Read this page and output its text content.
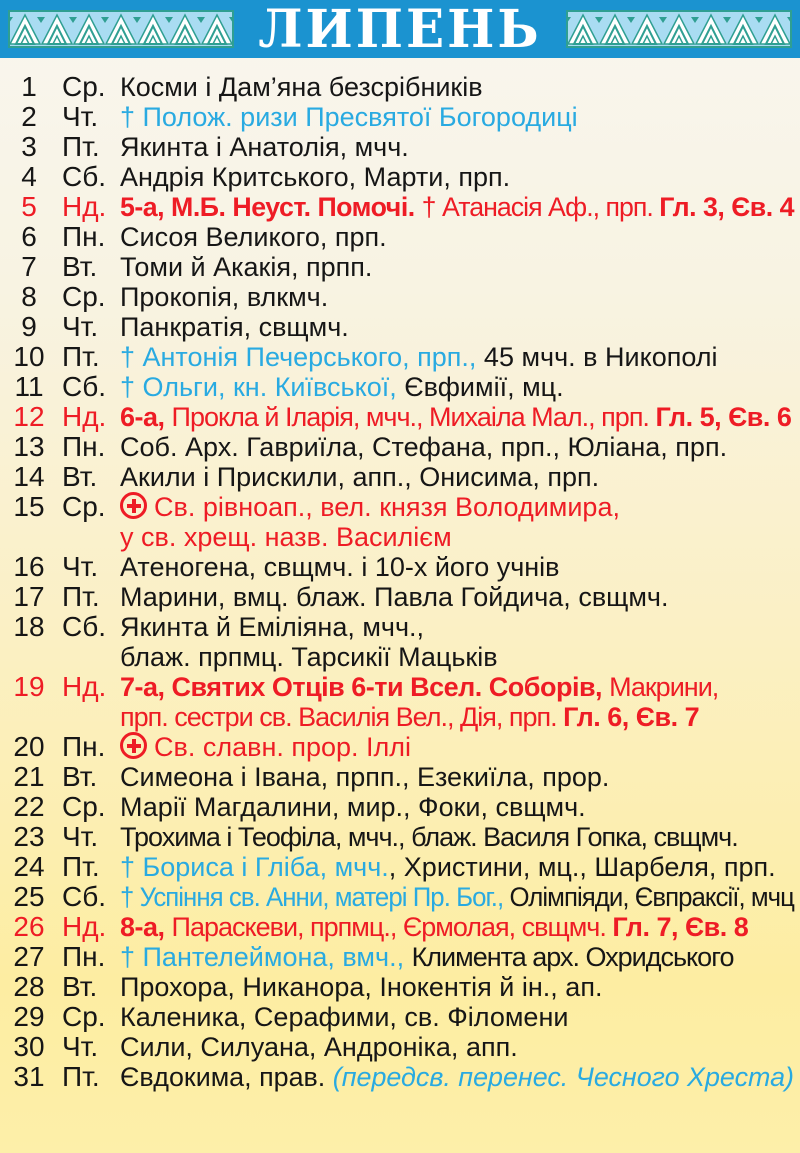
ЛИПЕНЬ
1 Ср. Косми і Дам’яна безсрібників
2 Чт. † Полож. ризи Пресвятої Богородиці
3 Пт. Якинта і Анатолія, мчч.
4 Сб. Андрія Критського, Марти, прп.
5 Нд. 5-а, М.Б. Неуст. Помочі. † Атанасія Аф., прп. Гл. 3, Єв. 4
6 Пн. Сисоя Великого, прп.
7 Вт. Томи й Акакія, прпп.
8 Ср. Прокопія, влкмч.
9 Чт. Панкратія, свщмч.
10 Пт. † Антонія Печерського, прп., 45 мчч. в Никополі
11 Сб. † Ольги, кн. Київської, Євфимії, мц.
12 Нд. 6-а, Прокла й Іларія, мчч., Михаіла Мал., прп. Гл. 5, Єв. 6
13 Пн. Соб. Арх. Гавриїла, Стефана, прп., Юліана, прп.
14 Вт. Акили і Прискили, апп., Онисима, прп.
15 Ср.	Св. рівноап., вел. князя Володимира,
у св. хрещ. назв. Василієм
16 Чт. Атеногена, свщмч. і 10-х його учнів
17 Пт. Марини, вмц. блаж. Павла Гойдича, свщмч.
18 Сб. Якинта й Еміліяна, мчч.,
блаж. прпмц. Тарсикії Мацьків
19 Нд. 7-а, Святих Отців 6-ти Всел. Соборів, Макрини,
прп. сестри св. Василія Вел., Дія, прп. Гл. 6, Єв. 7
20 Пн.	Св. славн. прор. Іллі
21 Вт. Симеона і Івана, прпп., Езекиїла, прор.
22 Ср. Марії Магдалини, мир., Фоки, свщмч.
23 Чт. Трохима і Теофіла, мчч., блаж. Василя Гопка, свщмч.
24 Пт. † Бориса і Гліба, мчч., Христини, мц., Шарбеля, прп.
25 Сб. † Успіння св. Анни, матері Пр. Бог., Олімпіяди, Євпраксії, мчц
26 Нд. 8-а, Параскеви, прпмц., Єрмолая, свщмч. Гл. 7, Єв. 8
27 Пн. † Пантелеймона, вмч., Климента арх. Охридського
28 Вт. Прохора, Никанора, Інокентія й ін., ап.
29 Ср. Каленика, Серафими, св. Філомени
30 Чт. Сили, Силуана, Андроніка, апп.
31 Пт. Євдокима, прав. (передсв. перенес. Чесного Хреста)
